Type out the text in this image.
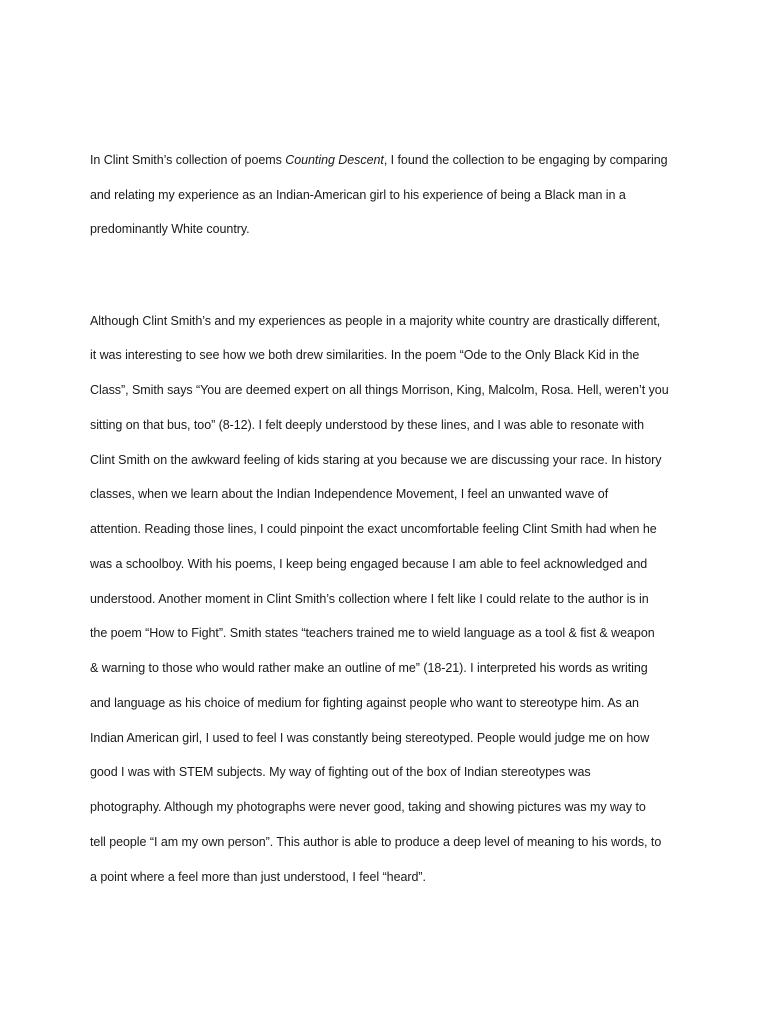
In Clint Smith’s collection of poems Counting Descent, I found the collection to be engaging by comparing

and relating my experience as an Indian-American girl to his experience of being a Black man in a

predominantly White country.

Although Clint Smith’s and my experiences as people in a majority white country are drastically different,

it was interesting to see how we both drew similarities. In the poem “Ode to the Only Black Kid in the

Class”, Smith says “You are deemed expert on all things Morrison, King, Malcolm, Rosa. Hell, weren’t you

sitting on that bus, too” (8-12). I felt deeply understood by these lines, and I was able to resonate with

Clint Smith on the awkward feeling of kids staring at you because we are discussing your race. In history

classes, when we learn about the Indian Independence Movement, I feel an unwanted wave of

attention. Reading those lines, I could pinpoint the exact uncomfortable feeling Clint Smith had when he

was a schoolboy. With his poems, I keep being engaged because I am able to feel acknowledged and

understood. Another moment in Clint Smith’s collection where I felt like I could relate to the author is in

the poem “How to Fight”. Smith states “teachers trained me to wield language as a tool & fist & weapon

& warning to those who would rather make an outline of me” (18-21). I interpreted his words as writing

and language as his choice of medium for fighting against people who want to stereotype him. As an

Indian American girl, I used to feel I was constantly being stereotyped. People would judge me on how

good I was with STEM subjects. My way of fighting out of the box of Indian stereotypes was

photography. Although my photographs were never good, taking and showing pictures was my way to

tell people “I am my own person”. This author is able to produce a deep level of meaning to his words, to

a point where a feel more than just understood, I feel “heard”.
